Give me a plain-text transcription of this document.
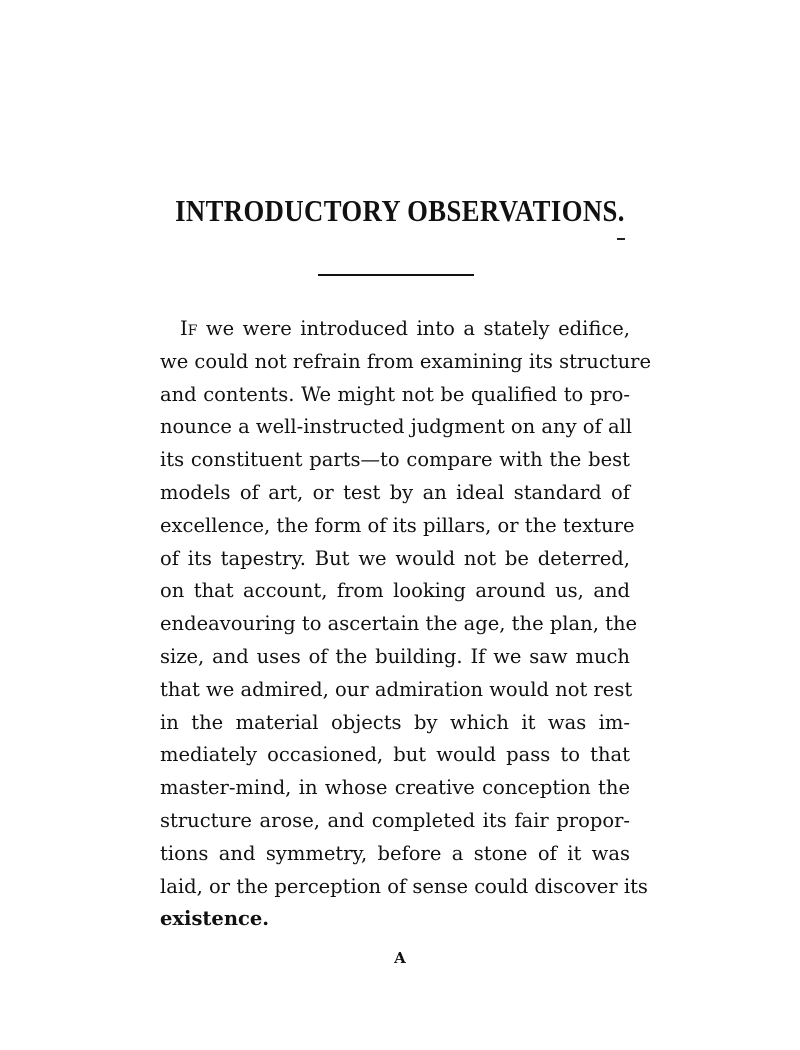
INTRODUCTORY OBSERVATIONS.
If we were introduced into a stately edifice,
we could not refrain from examining its structure
and contents. We might not be qualified to pro-
nounce a well-instructed judgment on any of all
its constituent parts—to compare with the best
models of art, or test by an ideal standard of
excellence, the form of its pillars, or the texture
of its tapestry. But we would not be deterred,
on that account, from looking around us, and
endeavouring to ascertain the age, the plan, the
size, and uses of the building. If we saw much
that we admired, our admiration would not rest
in the material objects by which it was im-
mediately occasioned, but would pass to that
master-mind, in whose creative conception the
structure arose, and completed its fair propor-
tions and symmetry, before a stone of it was
laid, or the perception of sense could discover its
existence.
A
